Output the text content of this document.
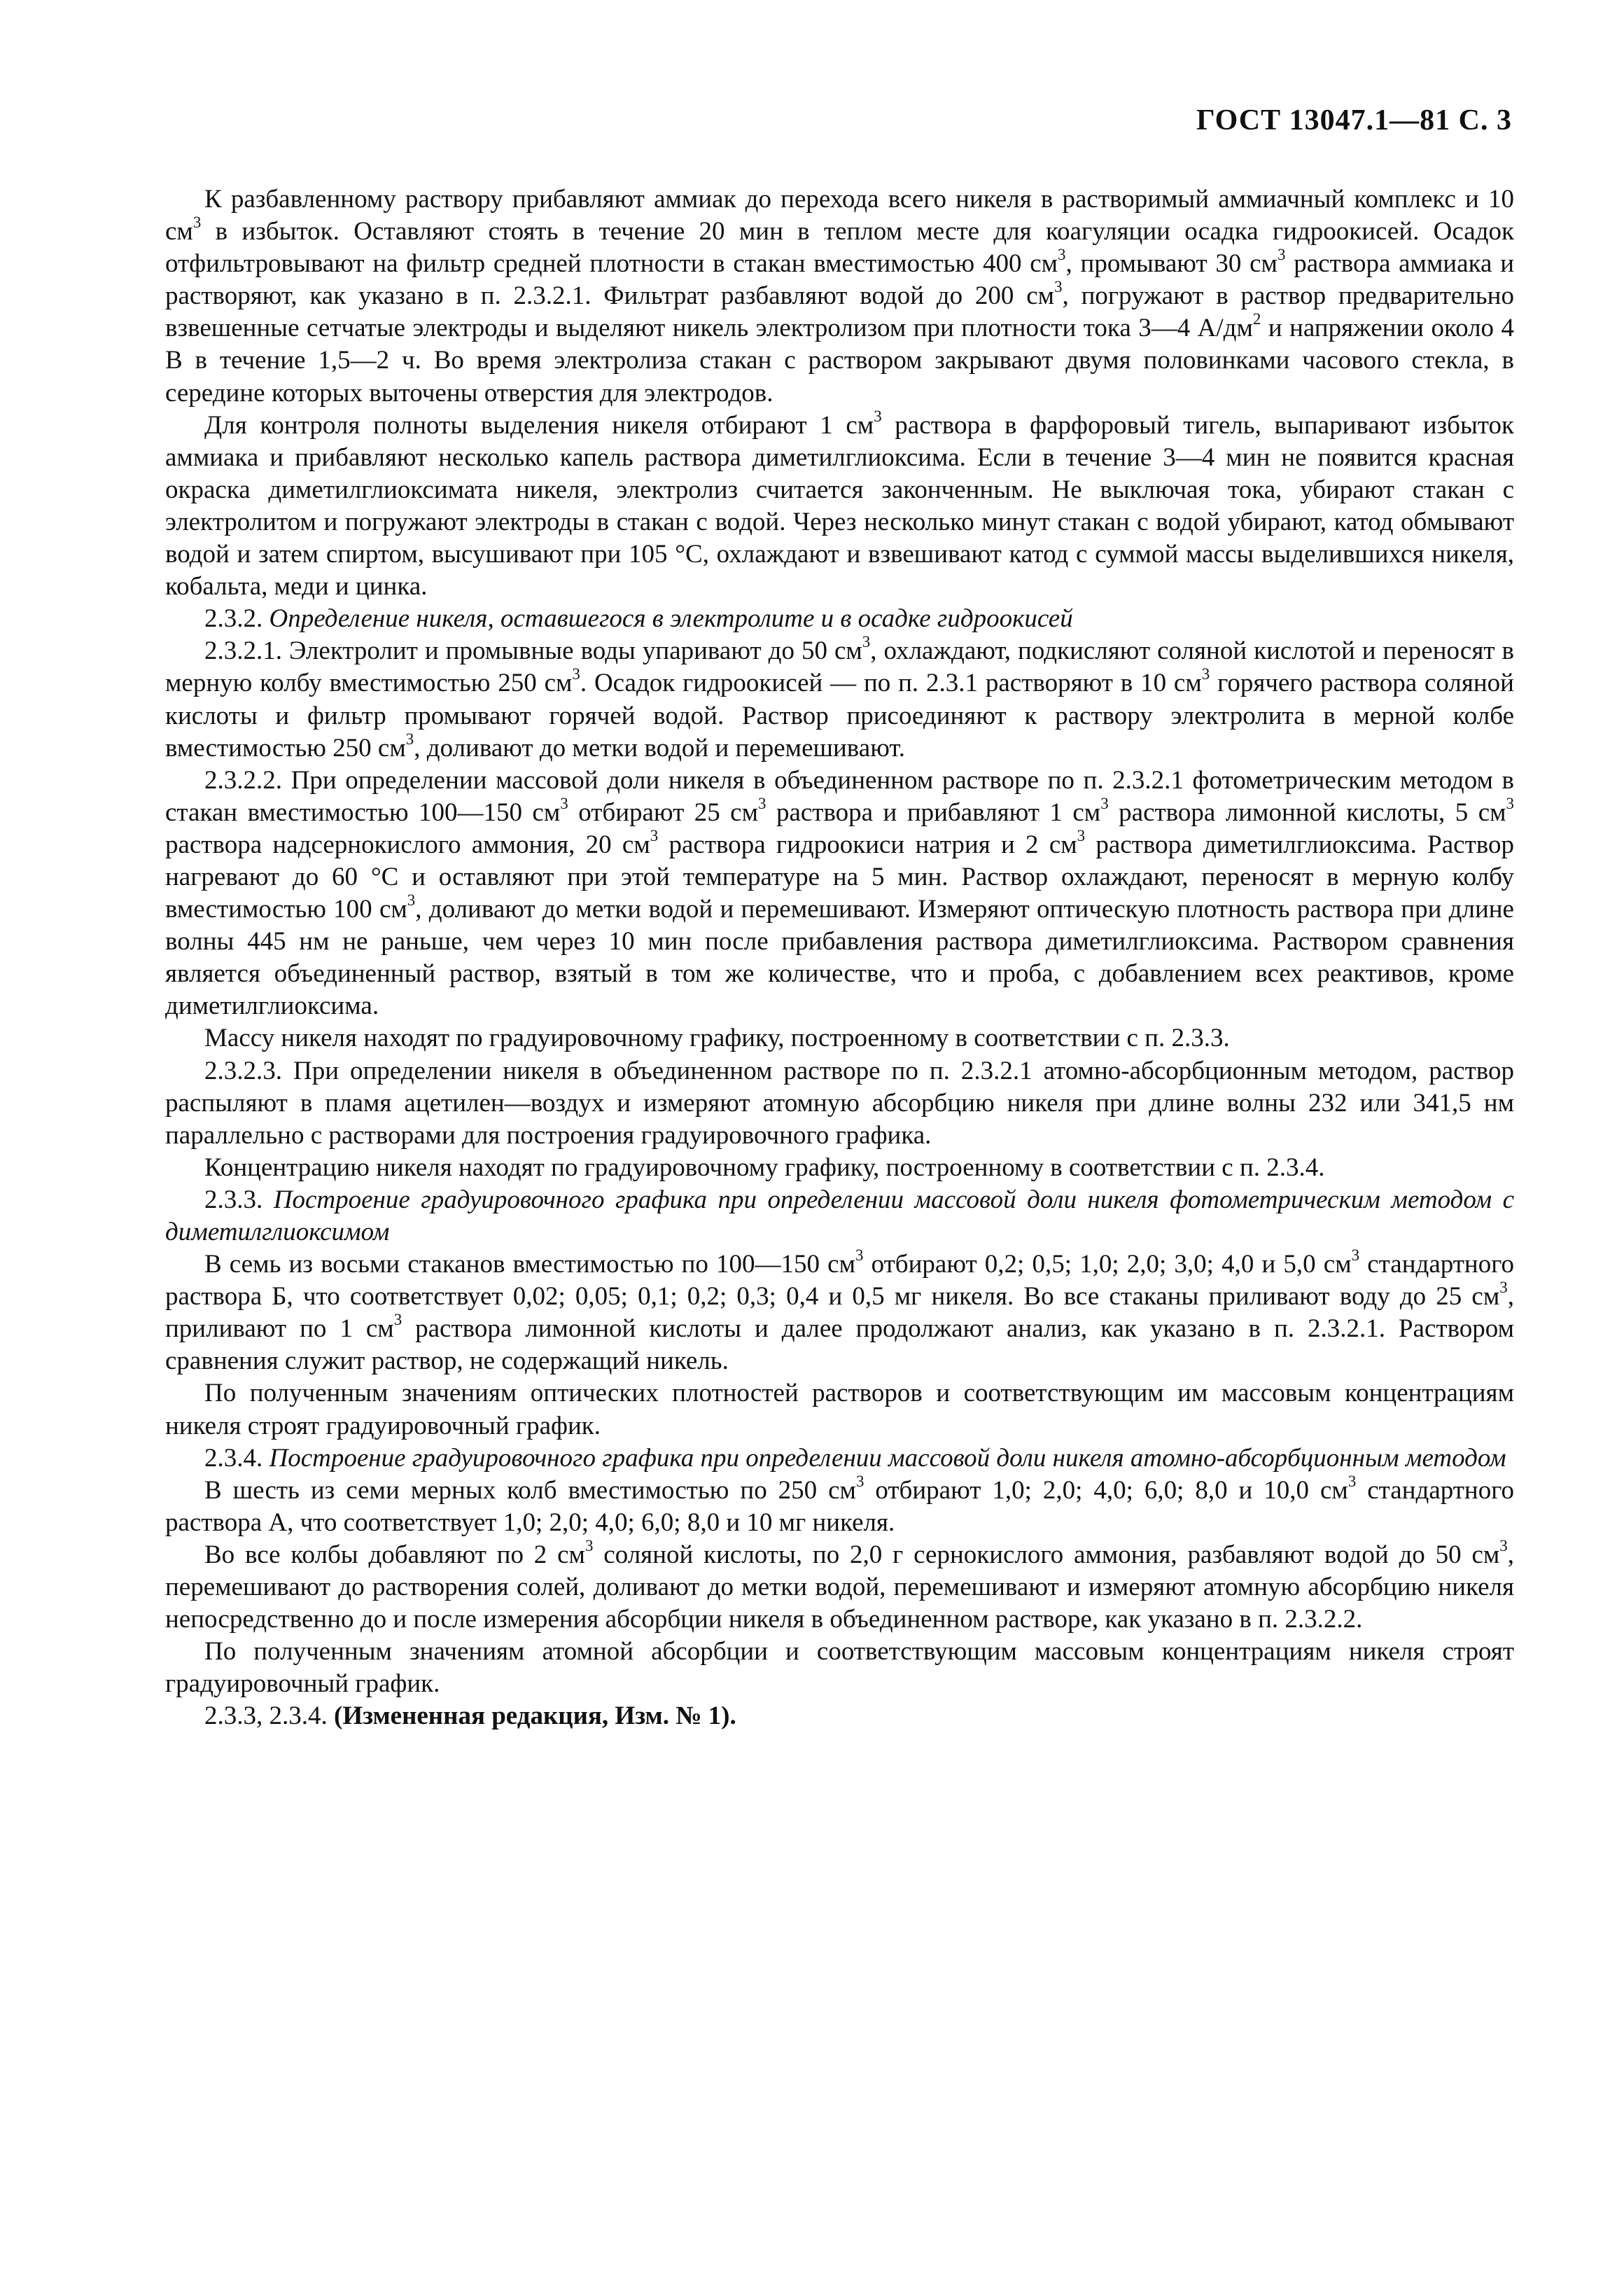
ГОСТ 13047.1—81 С. 3

К разбавленному раствору прибавляют аммиак до перехода всего никеля в растворимый аммиачный комплекс и 10 $см^3$ в избыток. Оставляют стоять в течение 20 мин в теплом месте для коагуляции осадка гидроокисей. Осадок отфильтровывают на фильтр средней плотности в стакан вместимостью 400 $см^3$, промывают 30 $см^3$ раствора аммиака и растворяют, как указано в п. 2.3.2.1. Фильтрат разбавляют водой до 200 $см^3$, погружают в раствор предварительно взвешенные сетчатые электроды и выделяют никель электролизом при плотности тока 3—4 $А/дм^2$ и напряжении около 4 В в течение 1,5—2 ч. Во время электролиза стакан с раствором закрывают двумя половинками часового стекла, в середине которых выточены отверстия для электродов.

Для контроля полноты выделения никеля отбирают 1 $см^3$ раствора в фарфоровый тигель, выпаривают избыток аммиака и прибавляют несколько капель раствора диметилглиоксима. Если в течение 3—4 мин не появится красная окраска диметилглиоксимата никеля, электролиз считается законченным. Не выключая тока, убирают стакан с электролитом и погружают электроды в стакан с водой. Через несколько минут стакан с водой убирают, катод обмывают водой и затем спиртом, высушивают при 105 °С, охлаждают и взвешивают катод с суммой массы выделившихся никеля, кобальта, меди и цинка.

2.3.2. Определение никеля, оставшегося в электролите и в осадке гидроокисей

2.3.2.1. Электролит и промывные воды упаривают до 50 $см^3$, охлаждают, подкисляют соляной кислотой и переносят в мерную колбу вместимостью 250 $см^3$. Осадок гидроокисей — по п. 2.3.1 растворяют в 10 $см^3$ горячего раствора соляной кислоты и фильтр промывают горячей водой. Раствор присоединяют к раствору электролита в мерной колбе вместимостью 250 $см^3$, доливают до метки водой и перемешивают.

2.3.2.2. При определении массовой доли никеля в объединенном растворе по п. 2.3.2.1 фотометрическим методом в стакан вместимостью 100—150 $см^3$ отбирают 25 $см^3$ раствора и прибавляют 1 $см^3$ раствора лимонной кислоты, 5 $см^3$ раствора надсернокислого аммония, 20 $см^3$ раствора гидроокиси натрия и 2 $см^3$ раствора диметилглиоксима. Раствор нагревают до 60 °С и оставляют при этой температуре на 5 мин. Раствор охлаждают, переносят в мерную колбу вместимостью 100 $см^3$, доливают до метки водой и перемешивают. Измеряют оптическую плотность раствора при длине волны 445 нм не раньше, чем через 10 мин после прибавления раствора диметилглиоксима. Раствором сравнения является объединенный раствор, взятый в том же количестве, что и проба, с добавлением всех реактивов, кроме диметилглиоксима.

Массу никеля находят по градуировочному графику, построенному в соответствии с п. 2.3.3.

2.3.2.3. При определении никеля в объединенном растворе по п. 2.3.2.1 атомно-абсорбционным методом, раствор распыляют в пламя ацетилен—воздух и измеряют атомную абсорбцию никеля при длине волны 232 или 341,5 нм параллельно с растворами для построения градуировочного графика.

Концентрацию никеля находят по градуировочному графику, построенному в соответствии с п. 2.3.4.

2.3.3. Построение градуировочного графика при определении массовой доли никеля фотометрическим методом с диметилглиоксимом

В семь из восьми стаканов вместимостью по 100—150 $см^3$ отбирают 0,2; 0,5; 1,0; 2,0; 3,0; 4,0 и 5,0 $см^3$ стандартного раствора Б, что соответствует 0,02; 0,05; 0,1; 0,2; 0,3; 0,4 и 0,5 мг никеля. Во все стаканы приливают воду до 25 $см^3$, приливают по 1 $см^3$ раствора лимонной кислоты и далее продолжают анализ, как указано в п. 2.3.2.1. Раствором сравнения служит раствор, не содержащий никель.

По полученным значениям оптических плотностей растворов и соответствующим им массовым концентрациям никеля строят градуировочный график.

2.3.4. Построение градуировочного графика при определении массовой доли никеля атомно-абсорбционным методом

В шесть из семи мерных колб вместимостью по 250 $см^3$ отбирают 1,0; 2,0; 4,0; 6,0; 8,0 и 10,0 $см^3$ стандартного раствора А, что соответствует 1,0; 2,0; 4,0; 6,0; 8,0 и 10 мг никеля.

Во все колбы добавляют по 2 $см^3$ соляной кислоты, по 2,0 г сернокислого аммония, разбавляют водой до 50 $см^3$, перемешивают до растворения солей, доливают до метки водой, перемешивают и измеряют атомную абсорбцию никеля непосредственно до и после измерения абсорбции никеля в объединенном растворе, как указано в п. 2.3.2.2.

По полученным значениям атомной абсорбции и соответствующим массовым концентрациям никеля строят градуировочный график.

2.3.3, 2.3.4. (Измененная редакция, Изм. № 1).
